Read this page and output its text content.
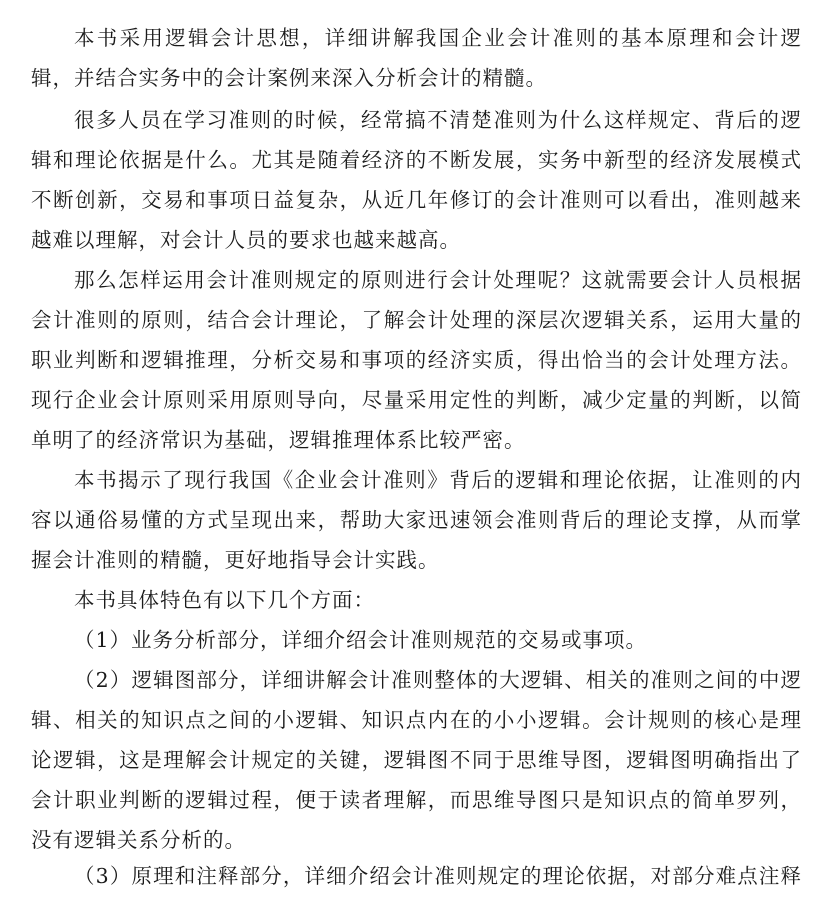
本书采用逻辑会计思想，详细讲解我国企业会计准则的基本原理和会计逻
辑，并结合实务中的会计案例来深入分析会计的精髓。
很多人员在学习准则的时候，经常搞不清楚准则为什么这样规定、背后的逻
辑和理论依据是什么。尤其是随着经济的不断发展，实务中新型的经济发展模式
不断创新，交易和事项日益复杂，从近几年修订的会计准则可以看出，准则越来
越难以理解，对会计人员的要求也越来越高。
那么怎样运用会计准则规定的原则进行会计处理呢？这就需要会计人员根据
会计准则的原则，结合会计理论，了解会计处理的深层次逻辑关系，运用大量的
职业判断和逻辑推理，分析交易和事项的经济实质，得出恰当的会计处理方法。
现行企业会计原则采用原则导向，尽量采用定性的判断，减少定量的判断，以简
单明了的经济常识为基础，逻辑推理体系比较严密。
本书揭示了现行我国《企业会计准则》背后的逻辑和理论依据，让准则的内
容以通俗易懂的方式呈现出来，帮助大家迅速领会准则背后的理论支撑，从而掌
握会计准则的精髓，更好地指导会计实践。
本书具体特色有以下几个方面：
（1）业务分析部分，详细介绍会计准则规范的交易或事项。
（2）逻辑图部分，详细讲解会计准则整体的大逻辑、相关的准则之间的中逻
辑、相关的知识点之间的小逻辑、知识点内在的小小逻辑。会计规则的核心是理
论逻辑，这是理解会计规定的关键，逻辑图不同于思维导图，逻辑图明确指出了
会计职业判断的逻辑过程，便于读者理解，而思维导图只是知识点的简单罗列，
没有逻辑关系分析的。
（3）原理和注释部分，详细介绍会计准则规定的理论依据，对部分难点注释
